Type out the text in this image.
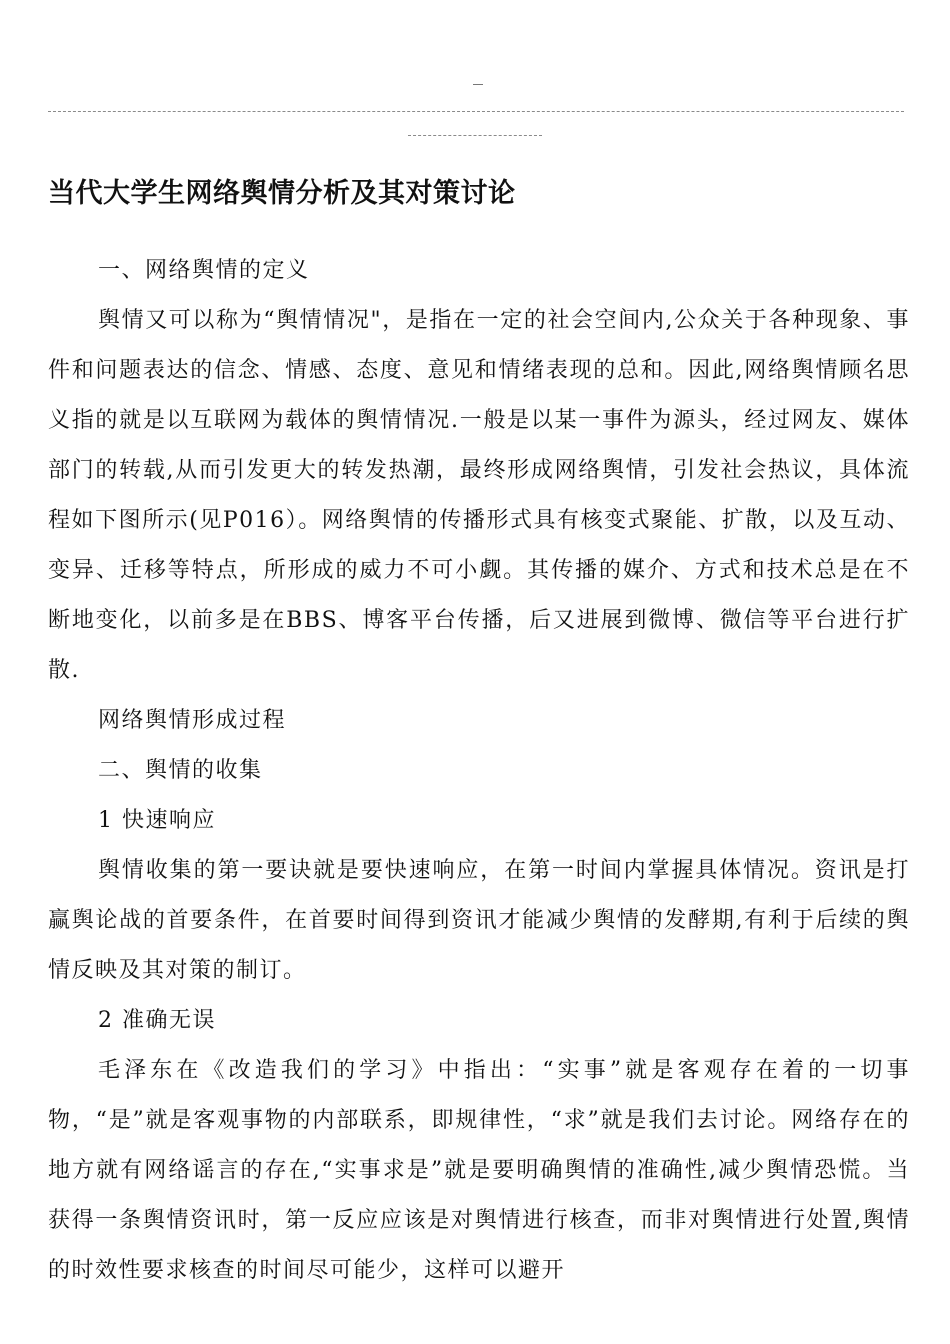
当代大学生网络舆情分析及其对策讨论

一、网络舆情的定义

舆情又可以称为“舆情情况"，是指在一定的社会空间内,公众关于各种现象、事件和问题表达的信念、情感、态度、意见和情绪表现的总和。因此,网络舆情顾名思义指的就是以互联网为载体的舆情情况.一般是以某一事件为源头，经过网友、媒体部门的转载,从而引发更大的转发热潮，最终形成网络舆情，引发社会热议，具体流程如下图所示(见P016）。网络舆情的传播形式具有核变式聚能、扩散，以及互动、变异、迁移等特点，所形成的威力不可小觑。其传播的媒介、方式和技术总是在不断地变化，以前多是在BBS、博客平台传播，后又进展到微博、微信等平台进行扩散.

网络舆情形成过程

二、舆情的收集

1 快速响应

舆情收集的第一要诀就是要快速响应，在第一时间内掌握具体情况。资讯是打赢舆论战的首要条件，在首要时间得到资讯才能减少舆情的发酵期,有利于后续的舆情反映及其对策的制订。

2 准确无误

毛泽东在《改造我们的学习》中指出：“实事”就是客观存在着的一切事物，“是”就是客观事物的内部联系，即规律性，“求”就是我们去讨论。网络存在的地方就有网络谣言的存在,“实事求是”就是要明确舆情的准确性,减少舆情恐慌。当获得一条舆情资讯时，第一反应应该是对舆情进行核查，而非对舆情进行处置,舆情的时效性要求核查的时间尽可能少，这样可以避开
